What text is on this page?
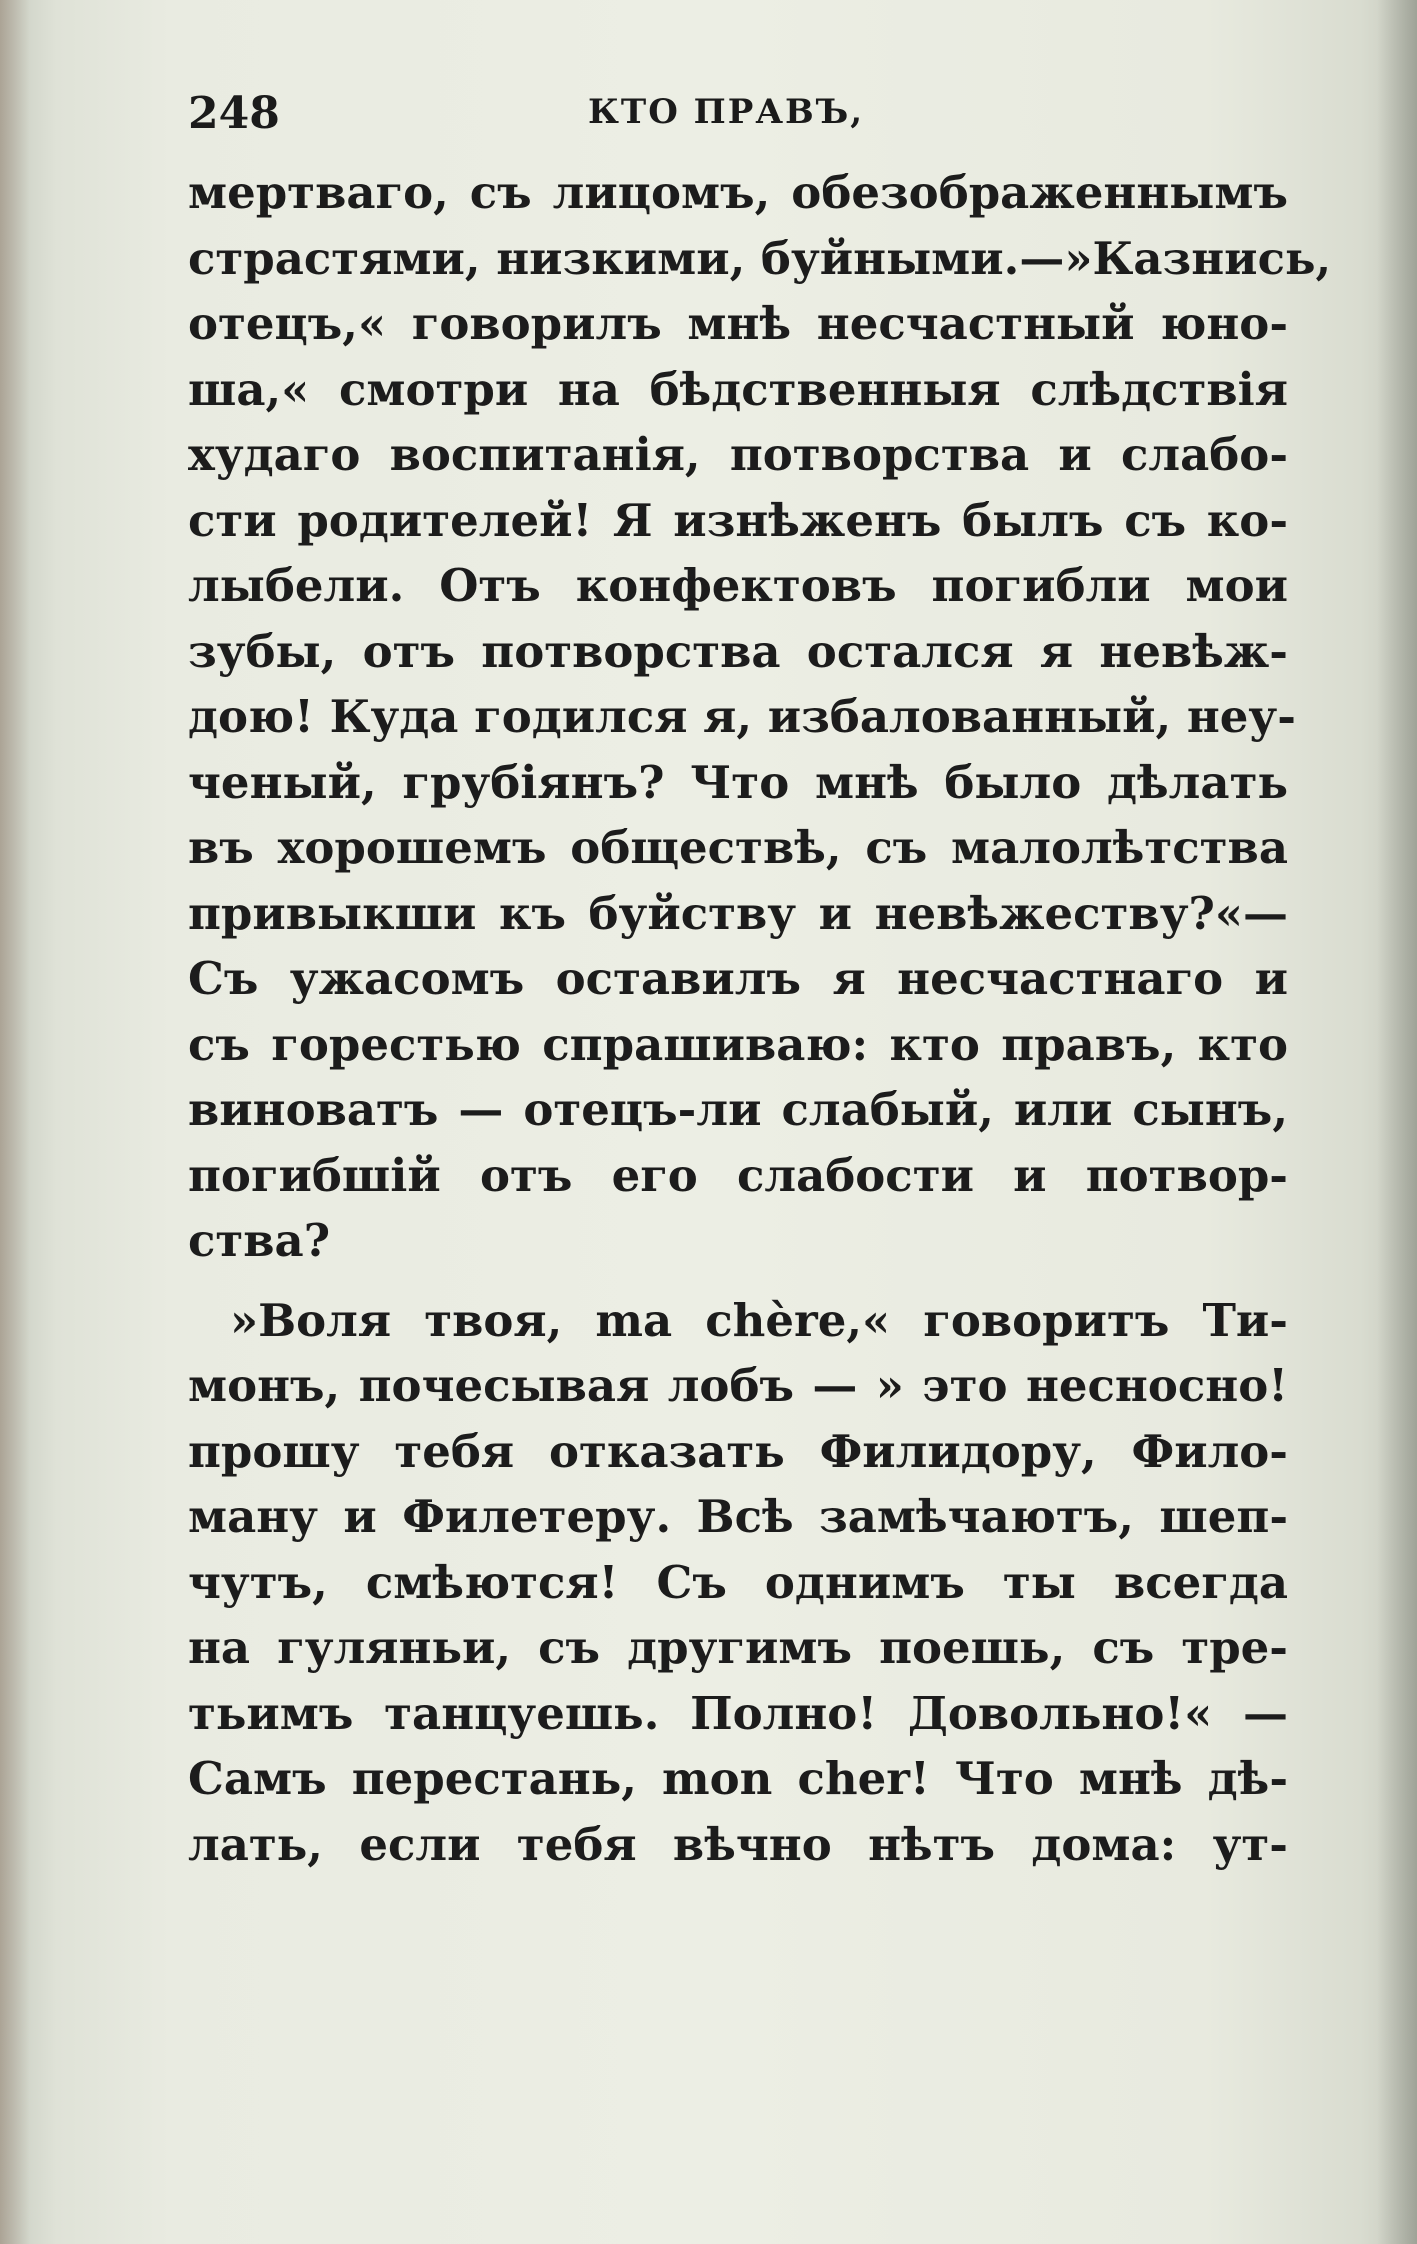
248	КТО ПРАВЪ,
мертваго, съ лицомъ, обезображеннымъ
страстями, низкими, буйными.—»Казнись,
отецъ,« говорилъ мнѣ несчастный юно-
ша,« смотри на бѣдственныя слѣдствія
худаго воспитанія, потворства и слабо-
сти родителей! Я изнѣженъ былъ съ ко-
лыбели. Отъ конфектовъ погибли мои
зубы, отъ потворства остался я невѣж-
дою! Куда годился я, избалованный, неу-
ченый, грубіянъ? Что мнѣ было дѣлать
въ хорошемъ обществѣ, съ малолѣтства
привыкши къ буйству и невѣжеству?«—
Съ ужасомъ оставилъ я несчастнаго и
съ горестью спрашиваю: кто правъ, кто
виноватъ — отецъ-ли слабый, или сынъ,
погибшій отъ его слабости и потвор-
ства?
»Воля твоя, ma chère,« говоритъ Ти-
монъ, почесывая лобъ — » это несносно!
прошу тебя отказать Филидору, Фило-
ману и Филетеру. Всѣ замѣчаютъ, шеп-
чутъ, смѣются! Съ однимъ ты всегда
на гуляньи, съ другимъ поешь, съ тре-
тьимъ танцуешь. Полно! Довольно!« —
Самъ перестань, mon cher! Что мнѣ дѣ-
лать, если тебя вѣчно нѣтъ дома: ут-
